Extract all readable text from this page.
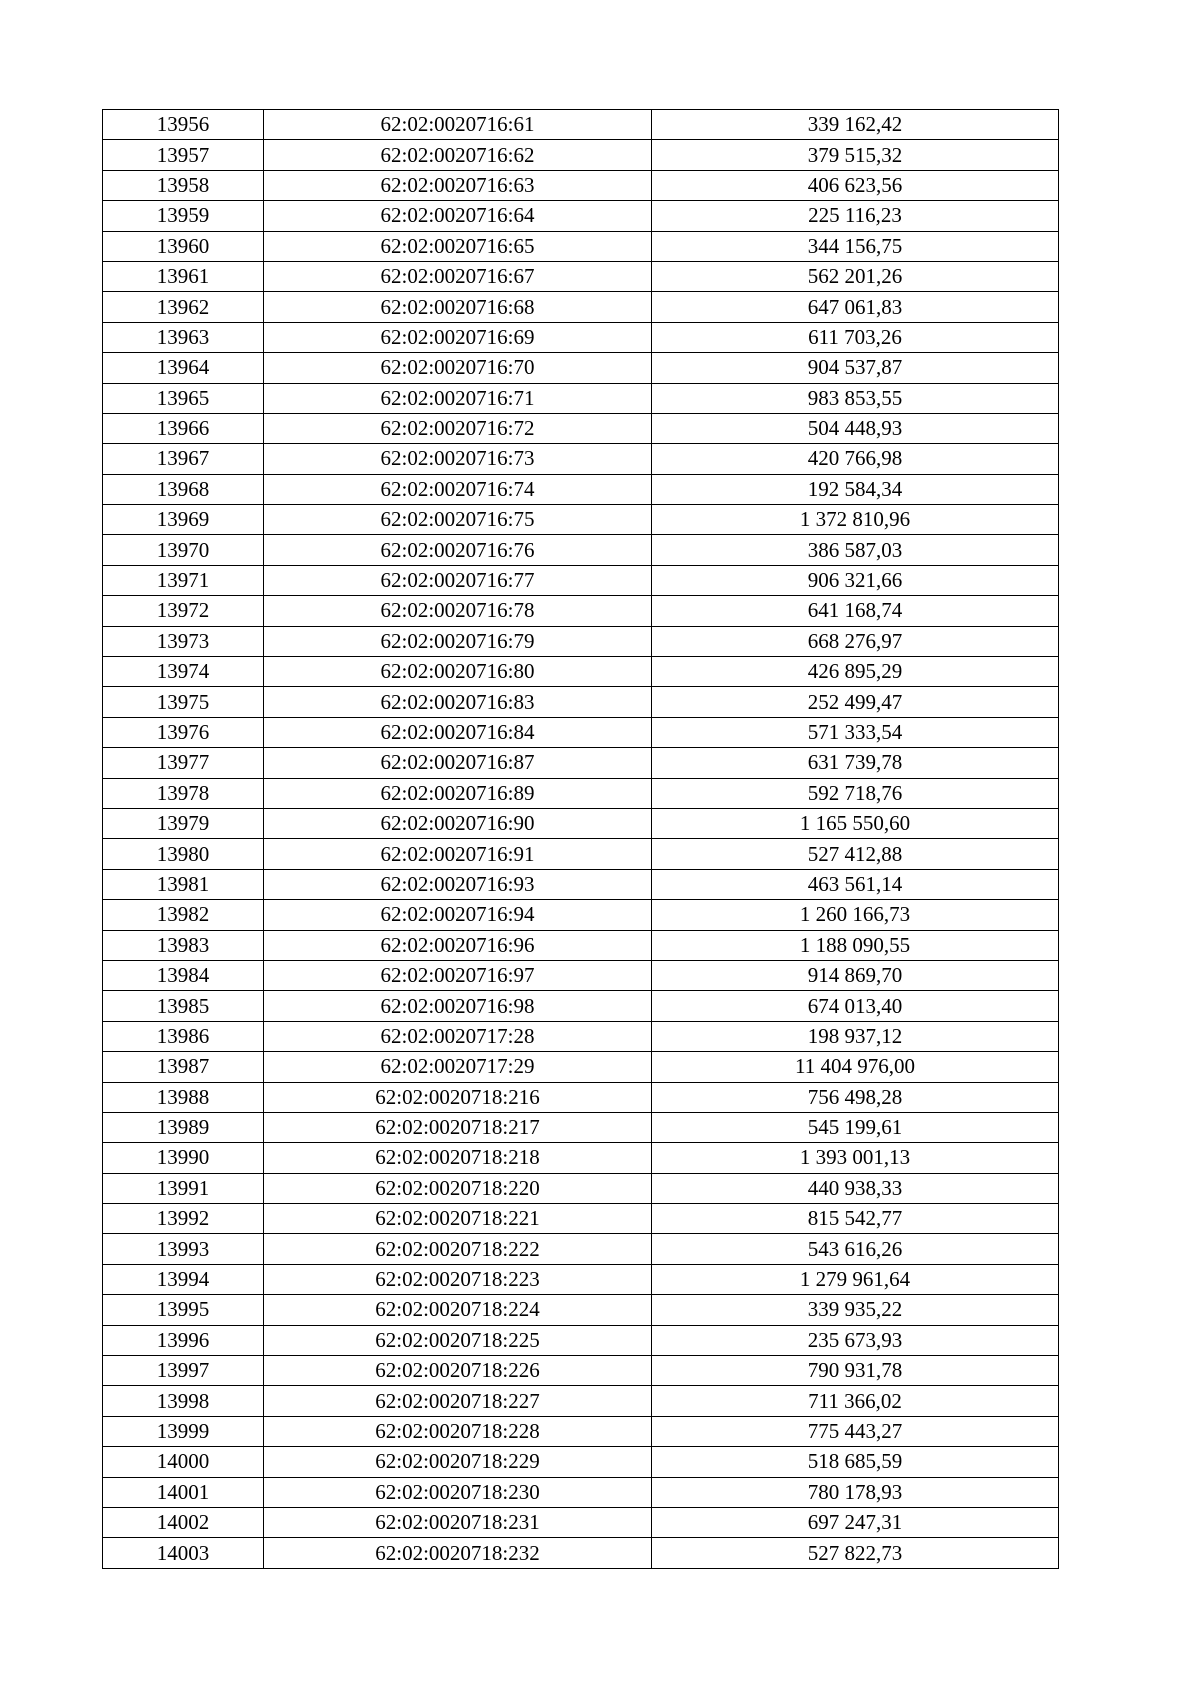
13956	62:02:0020716:61	339 162,42
13957	62:02:0020716:62	379 515,32
13958	62:02:0020716:63	406 623,56
13959	62:02:0020716:64	225 116,23
13960	62:02:0020716:65	344 156,75
13961	62:02:0020716:67	562 201,26
13962	62:02:0020716:68	647 061,83
13963	62:02:0020716:69	611 703,26
13964	62:02:0020716:70	904 537,87
13965	62:02:0020716:71	983 853,55
13966	62:02:0020716:72	504 448,93
13967	62:02:0020716:73	420 766,98
13968	62:02:0020716:74	192 584,34
13969	62:02:0020716:75	1 372 810,96
13970	62:02:0020716:76	386 587,03
13971	62:02:0020716:77	906 321,66
13972	62:02:0020716:78	641 168,74
13973	62:02:0020716:79	668 276,97
13974	62:02:0020716:80	426 895,29
13975	62:02:0020716:83	252 499,47
13976	62:02:0020716:84	571 333,54
13977	62:02:0020716:87	631 739,78
13978	62:02:0020716:89	592 718,76
13979	62:02:0020716:90	1 165 550,60
13980	62:02:0020716:91	527 412,88
13981	62:02:0020716:93	463 561,14
13982	62:02:0020716:94	1 260 166,73
13983	62:02:0020716:96	1 188 090,55
13984	62:02:0020716:97	914 869,70
13985	62:02:0020716:98	674 013,40
13986	62:02:0020717:28	198 937,12
13987	62:02:0020717:29	11 404 976,00
13988	62:02:0020718:216	756 498,28
13989	62:02:0020718:217	545 199,61
13990	62:02:0020718:218	1 393 001,13
13991	62:02:0020718:220	440 938,33
13992	62:02:0020718:221	815 542,77
13993	62:02:0020718:222	543 616,26
13994	62:02:0020718:223	1 279 961,64
13995	62:02:0020718:224	339 935,22
13996	62:02:0020718:225	235 673,93
13997	62:02:0020718:226	790 931,78
13998	62:02:0020718:227	711 366,02
13999	62:02:0020718:228	775 443,27
14000	62:02:0020718:229	518 685,59
14001	62:02:0020718:230	780 178,93
14002	62:02:0020718:231	697 247,31
14003	62:02:0020718:232	527 822,73
